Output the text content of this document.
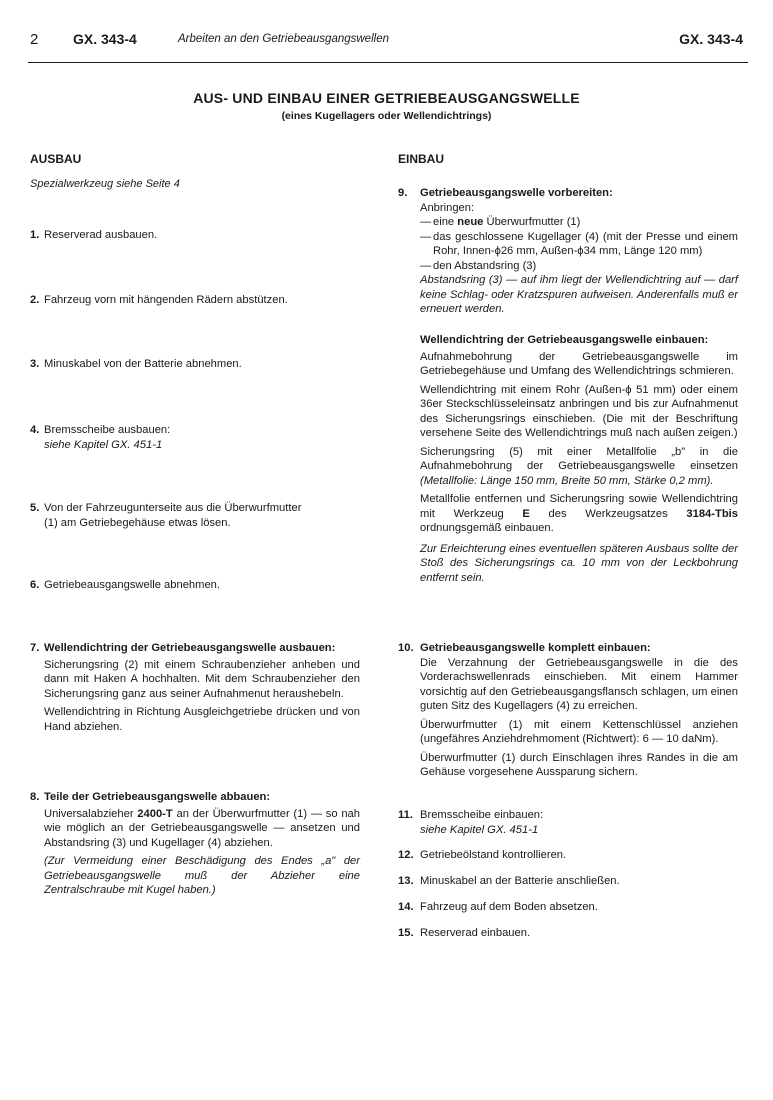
2 GX. 343-4	Arbeiten an den Getriebeausgangswellen	GX. 343-4
AUS- UND EINBAU EINER GETRIEBEAUSGANGSWELLE
(eines Kugellagers oder Wellendichtrings)
AUSBAU
Spezialwerkzeug siehe Seite 4
1. Reserverad ausbauen.
2. Fahrzeug vorn mit hängenden Rädern abstützen.
3. Minuskabel von der Batterie abnehmen.
4. Bremsscheibe ausbauen:
siehe Kapitel GX. 451-1
5. Von der Fahrzeugunterseite aus die Überwurfmutter
(1) am Getriebegehäuse etwas lösen.
6. Getriebeausgangswelle abnehmen.
7. Wellendichtring der Getriebeausgangswelle ausbauen:
Sicherungsring (2) mit einem Schraubenzieher anheben und dann mit Haken A hochhalten. Mit dem Schraubenzieher den Sicherungsring ganz aus seiner Aufnahmenut heraushebeln.
Wellendichtring in Richtung Ausgleichgetriebe drücken und von Hand abziehen.
8. Teile der Getriebeausgangswelle abbauen:
Universalabzieher 2400-T an der Überwurfmutter (1) — so nah wie möglich an der Getriebeausgangswelle — ansetzen und Abstandsring (3) und Kugellager (4) abziehen.
(Zur Vermeidung einer Beschädigung des Endes „a" der Getriebeausgangswelle muß der Abzieher eine Zentralschraube mit Kugel haben.)
EINBAU
9. Getriebeausgangswelle vorbereiten:
Anbringen:
— eine neue Überwurfmutter (1)
— das geschlossene Kugellager (4) (mit der Presse und einem Rohr, Innen-ϕ26 mm, Außen-ϕ34 mm, Länge 120 mm)
— den Abstandsring (3)
Abstandsring (3) — auf ihm liegt der Wellendichtring auf — darf keine Schlag- oder Kratzspuren aufweisen. Anderenfalls muß er erneuert werden.
Wellendichtring der Getriebeausgangswelle einbauen:
Aufnahmebohrung der Getriebeausgangswelle im Getriebegehäuse und Umfang des Wellendichtrings schmieren.
Wellendichtring mit einem Rohr (Außen-ϕ 51 mm) oder einem 36er Steckschlüsseleinsatz anbringen und bis zur Aufnahmenut des Sicherungsrings einschieben. (Die mit der Beschriftung versehene Seite des Wellendichtrings muß nach außen zeigen.)
Sicherungsring (5) mit einer Metallfolie „b" in die Aufnahmebohrung der Getriebeausgangswelle einsetzen (Metallfolie: Länge 150 mm, Breite 50 mm, Stärke 0,2 mm).
Metallfolie entfernen und Sicherungsring sowie Wellendichtring mit Werkzeug E des Werkzeugsatzes 3184-Tbis ordnungsgemäß einbauen.
Zur Erleichterung eines eventuellen späteren Ausbaus sollte der Stoß des Sicherungsrings ca. 10 mm von der Leckbohrung entfernt sein.
10. Getriebeausgangswelle komplett einbauen:
Die Verzahnung der Getriebeausgangswelle in die des Vorderachswellenrads einschieben. Mit einem Hammer vorsichtig auf den Getriebeausgangsflansch schlagen, um einen guten Sitz des Kugellagers (4) zu erreichen.
Überwurfmutter (1) mit einem Kettenschlüssel anziehen (ungefähres Anziehdrehmoment (Richtwert): 6 — 10 daNm).
Überwurfmutter (1) durch Einschlagen ihres Randes in die am Gehäuse vorgesehene Aussparung sichern.
11. Bremsscheibe einbauen:
siehe Kapitel GX. 451-1
12. Getriebeölstand kontrollieren.
13. Minuskabel an der Batterie anschließen.
14. Fahrzeug auf dem Boden absetzen.
15. Reserverad einbauen.
